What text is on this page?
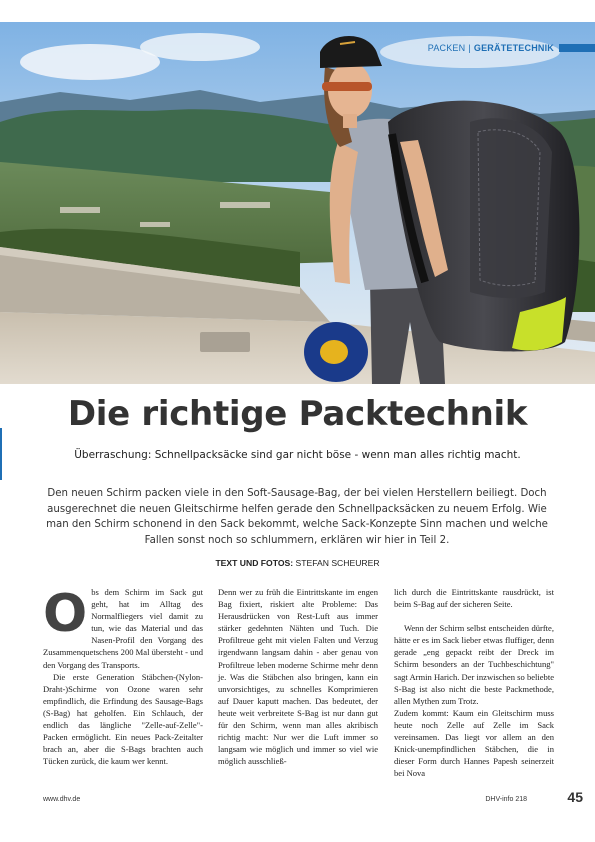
PACKEN | GERÄTETECHNIK
Die richtige Packtechnik
Überraschung: Schnellpacksäcke sind gar nicht böse - wenn man alles richtig macht.
Den neuen Schirm packen viele in den Soft-Sausage-Bag, der bei vielen Herstellern beiliegt. Doch ausgerechnet die neuen Gleitschirme helfen gerade den Schnellpacksäcken zu neuem Erfolg. Wie man den Schirm schonend in den Sack bekommt, welche Sack-Konzepte Sinn machen und welche Fallen sonst noch so schlummern, erklären wir hier in Teil 2.
TEXT UND FOTOS: STEFAN SCHEURER

Obs dem Schirm im Sack gut geht, hat im Alltag des Normalfliegers viel damit zu tun, wie das Material und das Nasen-Profil den Vorgang des Zusammenquetschens 200 Mal übersteht - und den Vorgang des Transports.

Die erste Generation Stäbchen-(Nylon-Draht-)Schirme von Ozone waren sehr empfindlich, die Erfindung des Sausage-Bags (S-Bag) hat geholfen. Ein Schlauch, der endlich das längliche "Zelle-auf-Zelle"-Packen ermöglicht. Ein neues Pack-Zeitalter brach an, aber die S-Bags brachten auch Tücken zurück, die kaum wer kennt.

Denn wer zu früh die Eintrittskante im engen Bag fixiert, riskiert alte Probleme: Das Herausdrücken von Rest-Luft aus immer stärker gedehnten Nähten und Tuch. Die Profiltreue geht mit vielen Falten und Verzug irgendwann langsam dahin - aber genau von Profiltreue leben moderne Schirme mehr denn je. Was die Stäbchen also bringen, kann ein unvorsichtiges, zu schnelles Komprimieren auf Dauer kaputt machen. Das bedeutet, der heute weit verbreitete S-Bag ist nur dann gut für den Schirm, wenn man alles akribisch richtig macht: Nur wer die Luft immer so langsam wie möglich und immer so viel wie möglich ausschließ-

lich durch die Eintrittskante rausdrückt, ist beim S-Bag auf der sicheren Seite.

Wenn der Schirm selbst entscheiden dürfte, hätte er es im Sack lieber etwas fluffiger, denn gerade „eng gepackt reibt der Dreck im Schirm besonders an der Tuchbeschichtung" sagt Armin Harich. Der inzwischen so beliebte S-Bag ist also nicht die beste Packmethode, allen Mythen zum Trotz.

Zudem kommt: Kaum ein Gleitschirm muss heute noch Zelle auf Zelle im Sack vereinsamen. Das liegt vor allem an den Knick-unempfindlichen Stäbchen, die in dieser Form durch Hannes Papesh seinerzeit bei Nova

www.dhv.de	DHV-info 218	45
